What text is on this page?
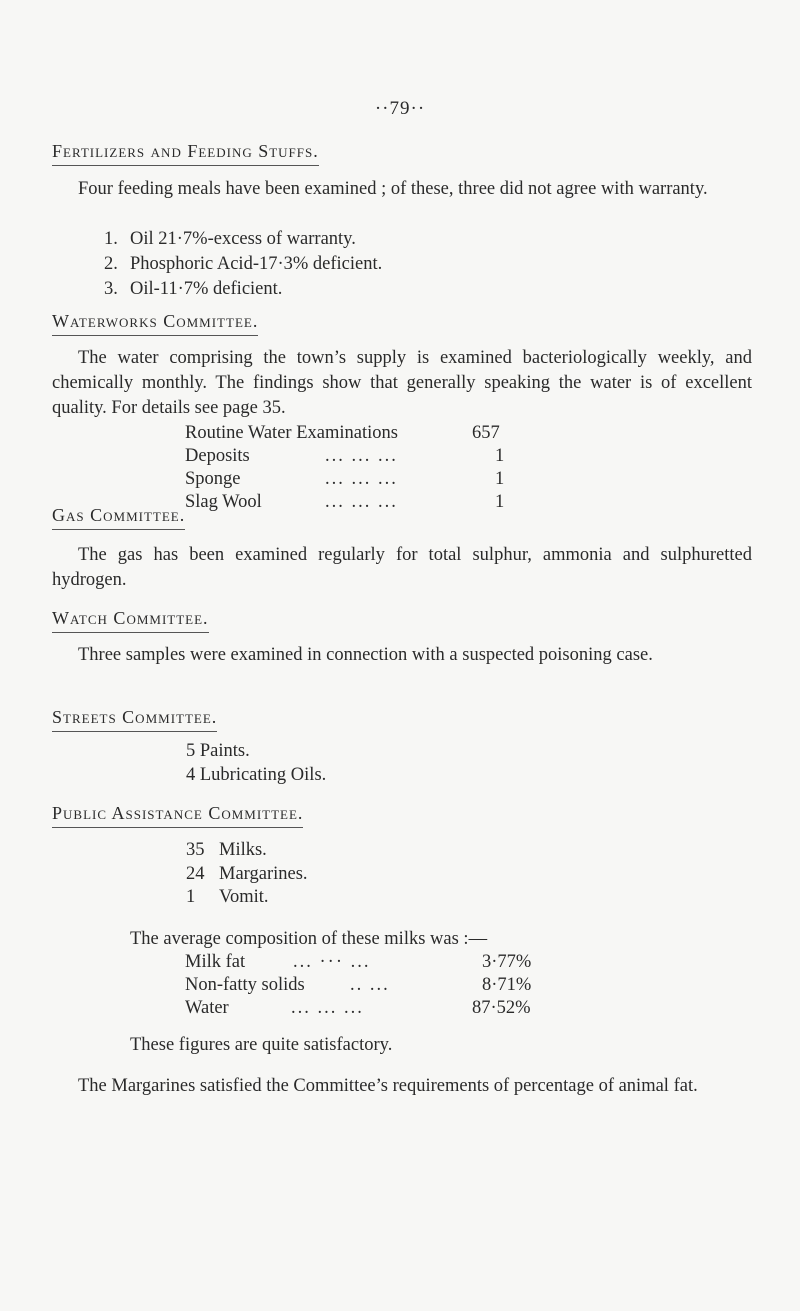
··79··
Fertilizers and Feeding Stuffs.

Four feeding meals have been examined ; of these, three did not agree with warranty.

1. Oil 21·7%-excess of warranty.
2. Phosphoric Acid-17·3% deficient.
3. Oil-11·7% deficient.
Waterworks Committee.

The water comprising the town’s supply is examined bacteriologically weekly, and chemically monthly. The findings show that generally speaking the water is of excellent quality. For details see page 35.

Routine Water Examinations	657
Deposits	... ... ...	1
Sponge	... ... ...	1
Slag Wool	... ... ...	1
Gas Committee.

The gas has been examined regularly for total sulphur, ammonia and sulphuretted hydrogen.

Watch Committee.

Three samples were examined in connection with a suspected poisoning case.

Streets Committee.
5 Paints.
4 Lubricating Oils.
Public Assistance Committee.
35 Milks.
24 Margarines.
1 Vomit.
The average composition of these milks was :—
Milk fat	... ··· ...	3·77%
Non-fatty solids .. ...	8·71%
Water	... ... ...	87·52%
These figures are quite satisfactory.

The Margarines satisfied the Committee’s requirements of percentage of animal fat.
